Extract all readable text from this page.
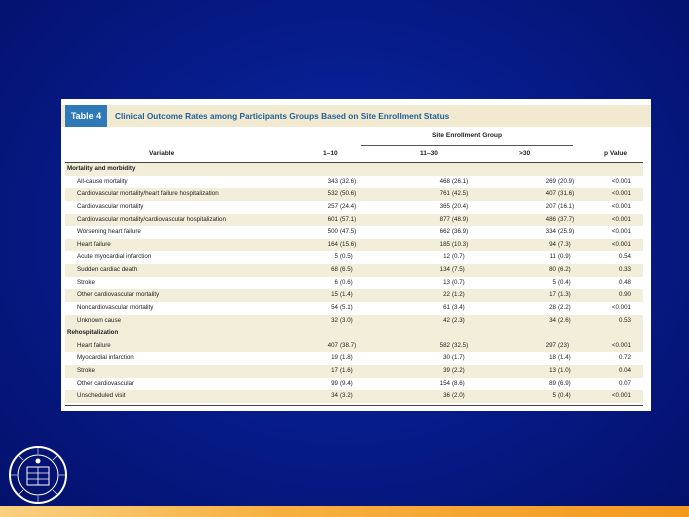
Table 4	Clinical Outcome Rates among Participants Groups Based on Site Enrollment Status
Site Enrollment Group
Variable	1–10	11–30	>30	p Value
Mortality and morbidity
All-cause mortality	343 (32.6)	468 (26.1)	269 (20.9)	<0.001
Cardiovascular mortality/heart failure hospitalization	532 (50.6)	761 (42.5)	407 (31.6)	<0.001
Cardiovascular mortality	257 (24.4)	365 (20.4)	207 (16.1)	<0.001
Cardiovascular mortality/cardiovascular hospitalization	601 (57.1)	877 (48.9)	486 (37.7)	<0.001
Worsening heart failure	500 (47.5)	662 (36.9)	334 (25.9)	<0.001
Heart failure	164 (15.6)	185 (10.3)	94 (7.3)	<0.001
Acute myocardial infarction	5 (0.5)	12 (0.7)	11 (0.9)	0.54
Sudden cardiac death	68 (6.5)	134 (7.5)	80 (6.2)	0.33
Stroke	6 (0.6)	13 (0.7)	5 (0.4)	0.48
Other cardiovascular mortality	15 (1.4)	22 (1.2)	17 (1.3)	0.90
Noncardiovascular mortality	54 (5.1)	61 (3.4)	28 (2.2)	<0.001
Unknown cause	32 (3.0)	42 (2.3)	34 (2.6)	0.53
Rehospitalization
Heart failure	407 (38.7)	582 (32.5)	297 (23)	<0.001
Myocardial infarction	19 (1.8)	30 (1.7)	18 (1.4)	0.72
Stroke	17 (1.6)	39 (2.2)	13 (1.0)	0.04
Other cardiovascular	99 (9.4)	154 (8.6)	89 (6.9)	0.07
Unscheduled visit	34 (3.2)	36 (2.0)	5 (0.4)	<0.001
